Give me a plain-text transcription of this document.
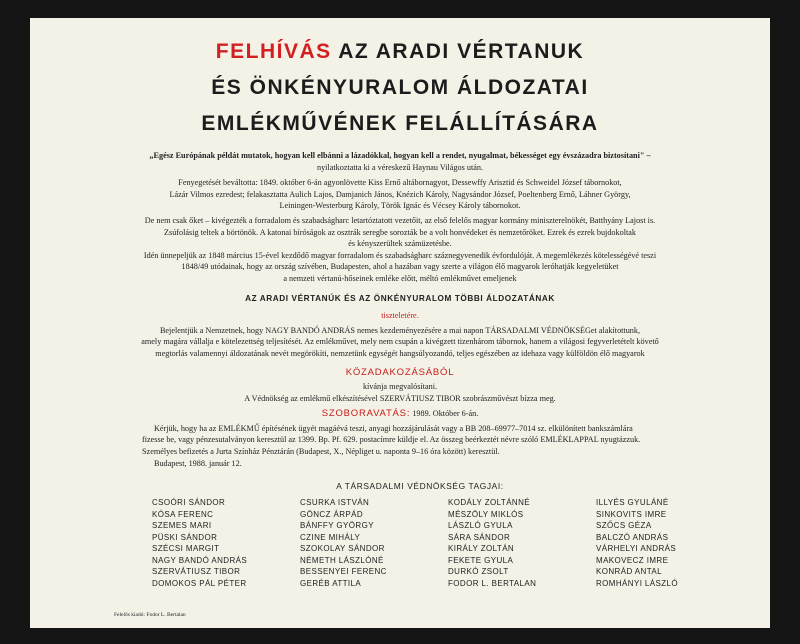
FELHÍVÁS AZ ARADI VÉRTANUK
ÉS ÖNKÉNYURALOM ÁLDOZATAI
EMLÉKMŰVÉNEK FELÁLLÍTÁSÁRA

„Egész Európának példát mutatok, hogyan kell elbánni a lázadókkal, hogyan kell a rendet, nyugalmat, békességet egy évszázadra biztosítani" –

nyilatkoztatta ki a véreskezű Haynau Világos után.

Fenyegetését beváltotta: 1849. október 6-án agyonlövette Kiss Ernő altábornagyot, Dessewffy Arisztid és Schweidel József tábornokot,

Lázár Vilmos ezredest; felakasztatta Aulich Lajos, Damjanich János, Knézich Károly, Nagysándor József, Poeltenberg Ernő, Láhner György,

Leiningen-Westerburg Károly, Török Ignác és Vécsey Károly tábornokot.

De nem csak őket – kivégezték a forradalom és szabadságharc letartóztatott vezetőit, az első felelős magyar kormány miniszterelnökét, Batthyány Lajost is.

Zsúfolásig teltek a börtönök. A katonai bíróságok az osztrák seregbe sorozták be a volt honvédeket és nemzetőröket. Ezrek és ezrek bujdokoltak

és kényszerültek számüzetésbe.

Idén ünnepeljük az 1848 március 15-ével kezdődő magyar forradalom és szabadságharc száznegyvenedik évfordulóját. A megemlékezés kötelességévé teszi

1848/49 utódainak, hogy az ország szívében, Budapesten, ahol a hazában vagy szerte a világon élő magyarok leróhatják kegyeletüket

a nemzeti vértanú-hőseinek emléke előtt, méltó emlékművet emeljenek

AZ ARADI VÉRTANÚK ÉS AZ ÖNKÉNYURALOM TÖBBI ÁLDOZATÁNAK

tiszteletére.

Bejelentjük a Nemzetnek, hogy NAGY BANDÓ ANDRÁS nemes kezdeményezésére a mai napon TÁRSADALMI VÉDNÖKSÉGet alakítottunk,

amely magára vállalja e kötelezettség teljesítését. Az emlékművet, mely nem csupán a kivégzett tizenhárom tábornok, hanem a világosi fegyverletételt követő

megtorlás valamennyi áldozatának nevét megörökíti, nemzetünk egységét hangsúlyozandó, teljes egészében az idehaza vagy külföldön élő magyarok

KÖZADAKOZÁSÁBÓL

kívánja megvalósítani.

A Védnökség az emlékmű elkészítésével SZERVÁTIUSZ TIBOR szobrászművészt bízza meg.

SZOBORAVATÁS: 1989. Október 6-án.

Kérjük, hogy ha az EMLÉKMŰ építésének ügyét magáévá teszi, anyagi hozzájárulását vagy a BB 208–69977–7014 sz. elkülönített bankszámlára

fizesse be, vagy pénzesutalványon keresztül az 1399. Bp. Pf. 629. postacímre küldje el. Az összeg beérkeztét névre szóló EMLÉKLAPPAL nyugtázzuk.

Személyes befizetés a Jurta Színház Pénztárán (Budapest, X., Népliget u. naponta 9–16 óra között) keresztül.

Budapest, 1988. január 12.

A TÁRSADALMI VÉDNÖKSÉG TAGJAI:
CSOÓRI SÁNDOR
KÓSA FERENC
SZEMES MARI
PÜSKI SÁNDOR
SZÉCSI MARGIT
NAGY BANDÓ ANDRÁS
SZERVÁTIUSZ TIBOR
DOMOKOS PÁL PÉTER
CSURKA ISTVÁN
GÖNCZ ÁRPÁD
BÁNFFY GYÖRGY
CZINE MIHÁLY
SZOKOLAY SÁNDOR
NÉMETH LÁSZLÓNÉ
BESSENYEI FERENC
GERÉB ATTILA
KODÁLY ZOLTÁNNÉ
MÉSZÖLY MIKLÓS
LÁSZLÓ GYULA
SÁRA SÁNDOR
KIRÁLY ZOLTÁN
FEKETE GYULA
DURKÓ ZSOLT
FODOR L. BERTALAN
ILLYÉS GYULÁNÉ
SINKOVITS IMRE
SZŐCS GÉZA
BALCZÓ ANDRÁS
VÁRHELYI ANDRÁS
MAKOVECZ IMRE
KONRÁD ANTAL
ROMHÁNYI LÁSZLÓ
Felelős kiadó: Fodor L. Bertalan
